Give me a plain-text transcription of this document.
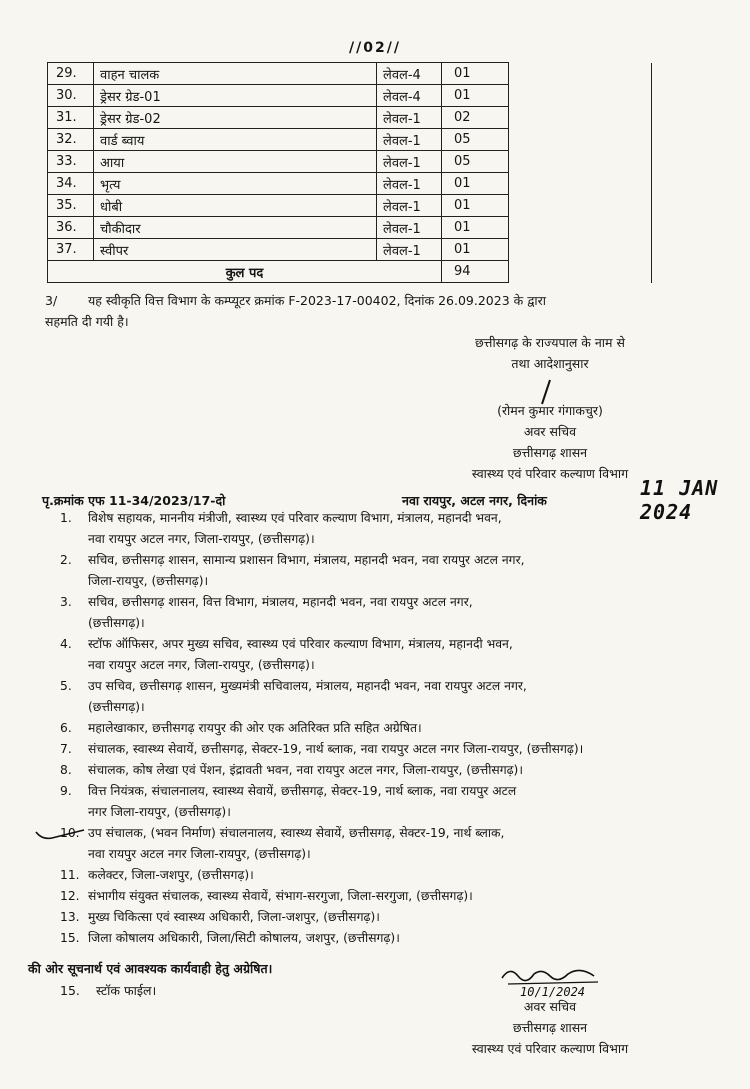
//02//
29.	वाहन चालक	लेवल-4	01	
30.	ड्रेसर ग्रेड-01	लेवल-4	01	
31.	ड्रेसर ग्रेड-02	लेवल-1	02	
32.	वार्ड ब्वाय	लेवल-1	05	
33.	आया	लेवल-1	05	
34.	भृत्य	लेवल-1	01	
35.	धोबी	लेवल-1	01	
36.	चौकीदार	लेवल-1	01	
37.	स्वीपर	लेवल-1	01	
कुल पद			94	
3/ यह स्वीकृति वित्त विभाग के कम्प्यूटर क्रमांक F-2023-17-00402, दिनांक 26.09.2023 के द्वारा
सहमति दी गयी है।
छत्तीसगढ़ के राज्यपाल के नाम से
तथा आदेशानुसार
(रोमन कुमार गंगाकचुर)
अवर सचिव
छत्तीसगढ़ शासन
स्वास्थ्य एवं परिवार कल्याण विभाग
पृ.क्रमांक एफ 11-34/2023/17-दो	नवा रायपुर, अटल नगर, दिनांक
11 JAN 2024
1. विशेष सहायक, माननीय मंत्रीजी, स्वास्थ्य एवं परिवार कल्याण विभाग, मंत्रालय, महानदी भवन,
नवा रायपुर अटल नगर, जिला-रायपुर, (छत्तीसगढ़)।
2. सचिव, छत्तीसगढ़ शासन, सामान्य प्रशासन विभाग, मंत्रालय, महानदी भवन, नवा रायपुर अटल नगर,
जिला-रायपुर, (छत्तीसगढ़)।
3. सचिव, छत्तीसगढ़ शासन, वित्त विभाग, मंत्रालय, महानदी भवन, नवा रायपुर अटल नगर,
(छत्तीसगढ़)।
4. स्टॉफ ऑफिसर, अपर मुख्य सचिव, स्वास्थ्य एवं परिवार कल्याण विभाग, मंत्रालय, महानदी भवन,
नवा रायपुर अटल नगर, जिला-रायपुर, (छत्तीसगढ़)।
5. उप सचिव, छत्तीसगढ़ शासन, मुख्यमंत्री सचिवालय, मंत्रालय, महानदी भवन, नवा रायपुर अटल नगर,
(छत्तीसगढ़)।
6. महालेखाकार, छत्तीसगढ़ रायपुर की ओर एक अतिरिक्त प्रति सहित अग्रेषित।
7. संचालक, स्वास्थ्य सेवायें, छत्तीसगढ़, सेक्टर-19, नार्थ ब्लाक, नवा रायपुर अटल नगर जिला-रायपुर, (छत्तीसगढ़)।
8. संचालक, कोष लेखा एवं पेंशन, इंद्रावती भवन, नवा रायपुर अटल नगर, जिला-रायपुर, (छत्तीसगढ़)।
9. वित्त नियंत्रक, संचालनालय, स्वास्थ्य सेवायें, छत्तीसगढ़, सेक्टर-19, नार्थ ब्लाक, नवा रायपुर अटल
नगर जिला-रायपुर, (छत्तीसगढ़)।
10. उप संचालक, (भवन निर्माण) संचालनालय, स्वास्थ्य सेवायें, छत्तीसगढ़, सेक्टर-19, नार्थ ब्लाक,
नवा रायपुर अटल नगर जिला-रायपुर, (छत्तीसगढ़)।
11. कलेक्टर, जिला-जशपुर, (छत्तीसगढ़)।
12. संभागीय संयुक्त संचालक, स्वास्थ्य सेवायें, संभाग-सरगुजा, जिला-सरगुजा, (छत्तीसगढ़)।
13. मुख्य चिकित्सा एवं स्वास्थ्य अधिकारी, जिला-जशपुर, (छत्तीसगढ़)।
15. जिला कोषालय अधिकारी, जिला/सिटी कोषालय, जशपुर, (छत्तीसगढ़)।
की ओर सूचनार्थ एवं आवश्यक कार्यवाही हेतु अग्रेषित।
15. स्टॉक फाईल।	10/1/2024
अवर सचिव
छत्तीसगढ़ शासन
स्वास्थ्य एवं परिवार कल्याण विभाग
